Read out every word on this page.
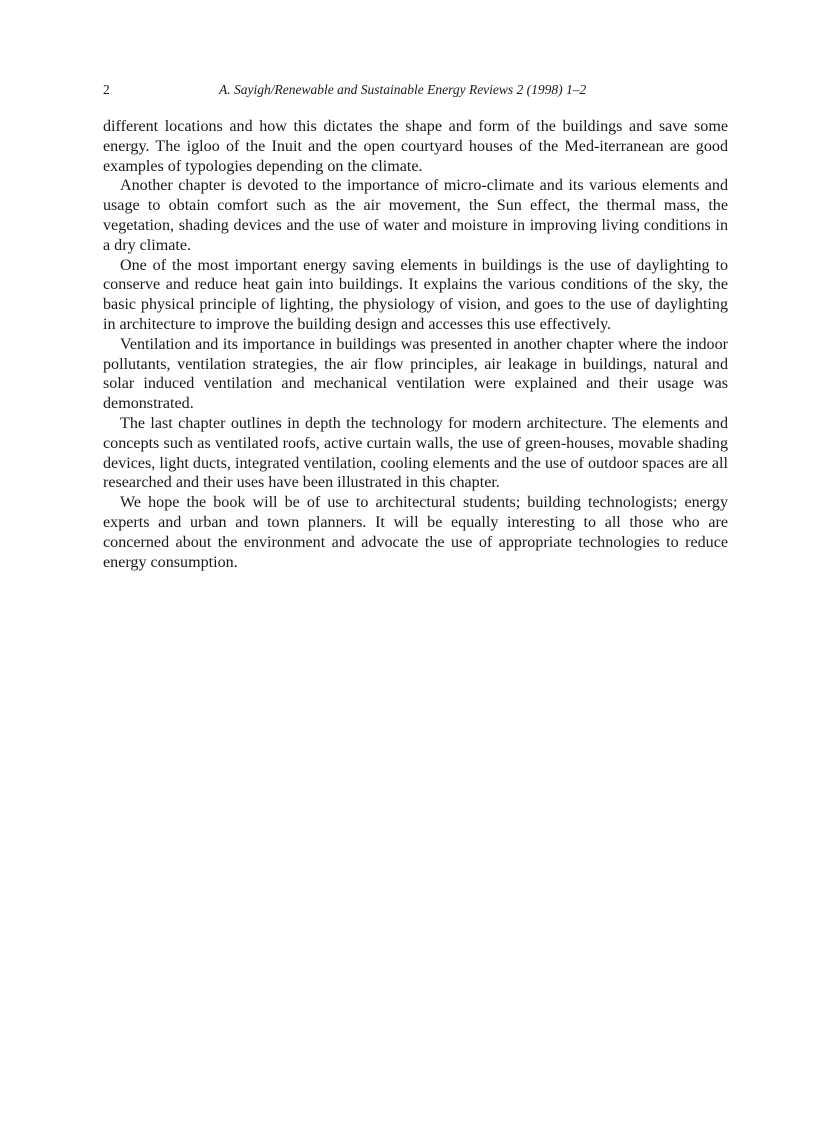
2	A. Sayigh/Renewable and Sustainable Energy Reviews 2 (1998) 1–2

different locations and how this dictates the shape and form of the buildings and save some energy. The igloo of the Inuit and the open courtyard houses of the Med-iterranean are good examples of typologies depending on the climate.

Another chapter is devoted to the importance of micro-climate and its various elements and usage to obtain comfort such as the air movement, the Sun effect, the thermal mass, the vegetation, shading devices and the use of water and moisture in improving living conditions in a dry climate.

One of the most important energy saving elements in buildings is the use of daylighting to conserve and reduce heat gain into buildings. It explains the various conditions of the sky, the basic physical principle of lighting, the physiology of vision, and goes to the use of daylighting in architecture to improve the building design and accesses this use effectively.

Ventilation and its importance in buildings was presented in another chapter where the indoor pollutants, ventilation strategies, the air flow principles, air leakage in buildings, natural and solar induced ventilation and mechanical ventilation were explained and their usage was demonstrated.

The last chapter outlines in depth the technology for modern architecture. The elements and concepts such as ventilated roofs, active curtain walls, the use of green-houses, movable shading devices, light ducts, integrated ventilation, cooling elements and the use of outdoor spaces are all researched and their uses have been illustrated in this chapter.

We hope the book will be of use to architectural students; building technologists; energy experts and urban and town planners. It will be equally interesting to all those who are concerned about the environment and advocate the use of appropriate technologies to reduce energy consumption.
